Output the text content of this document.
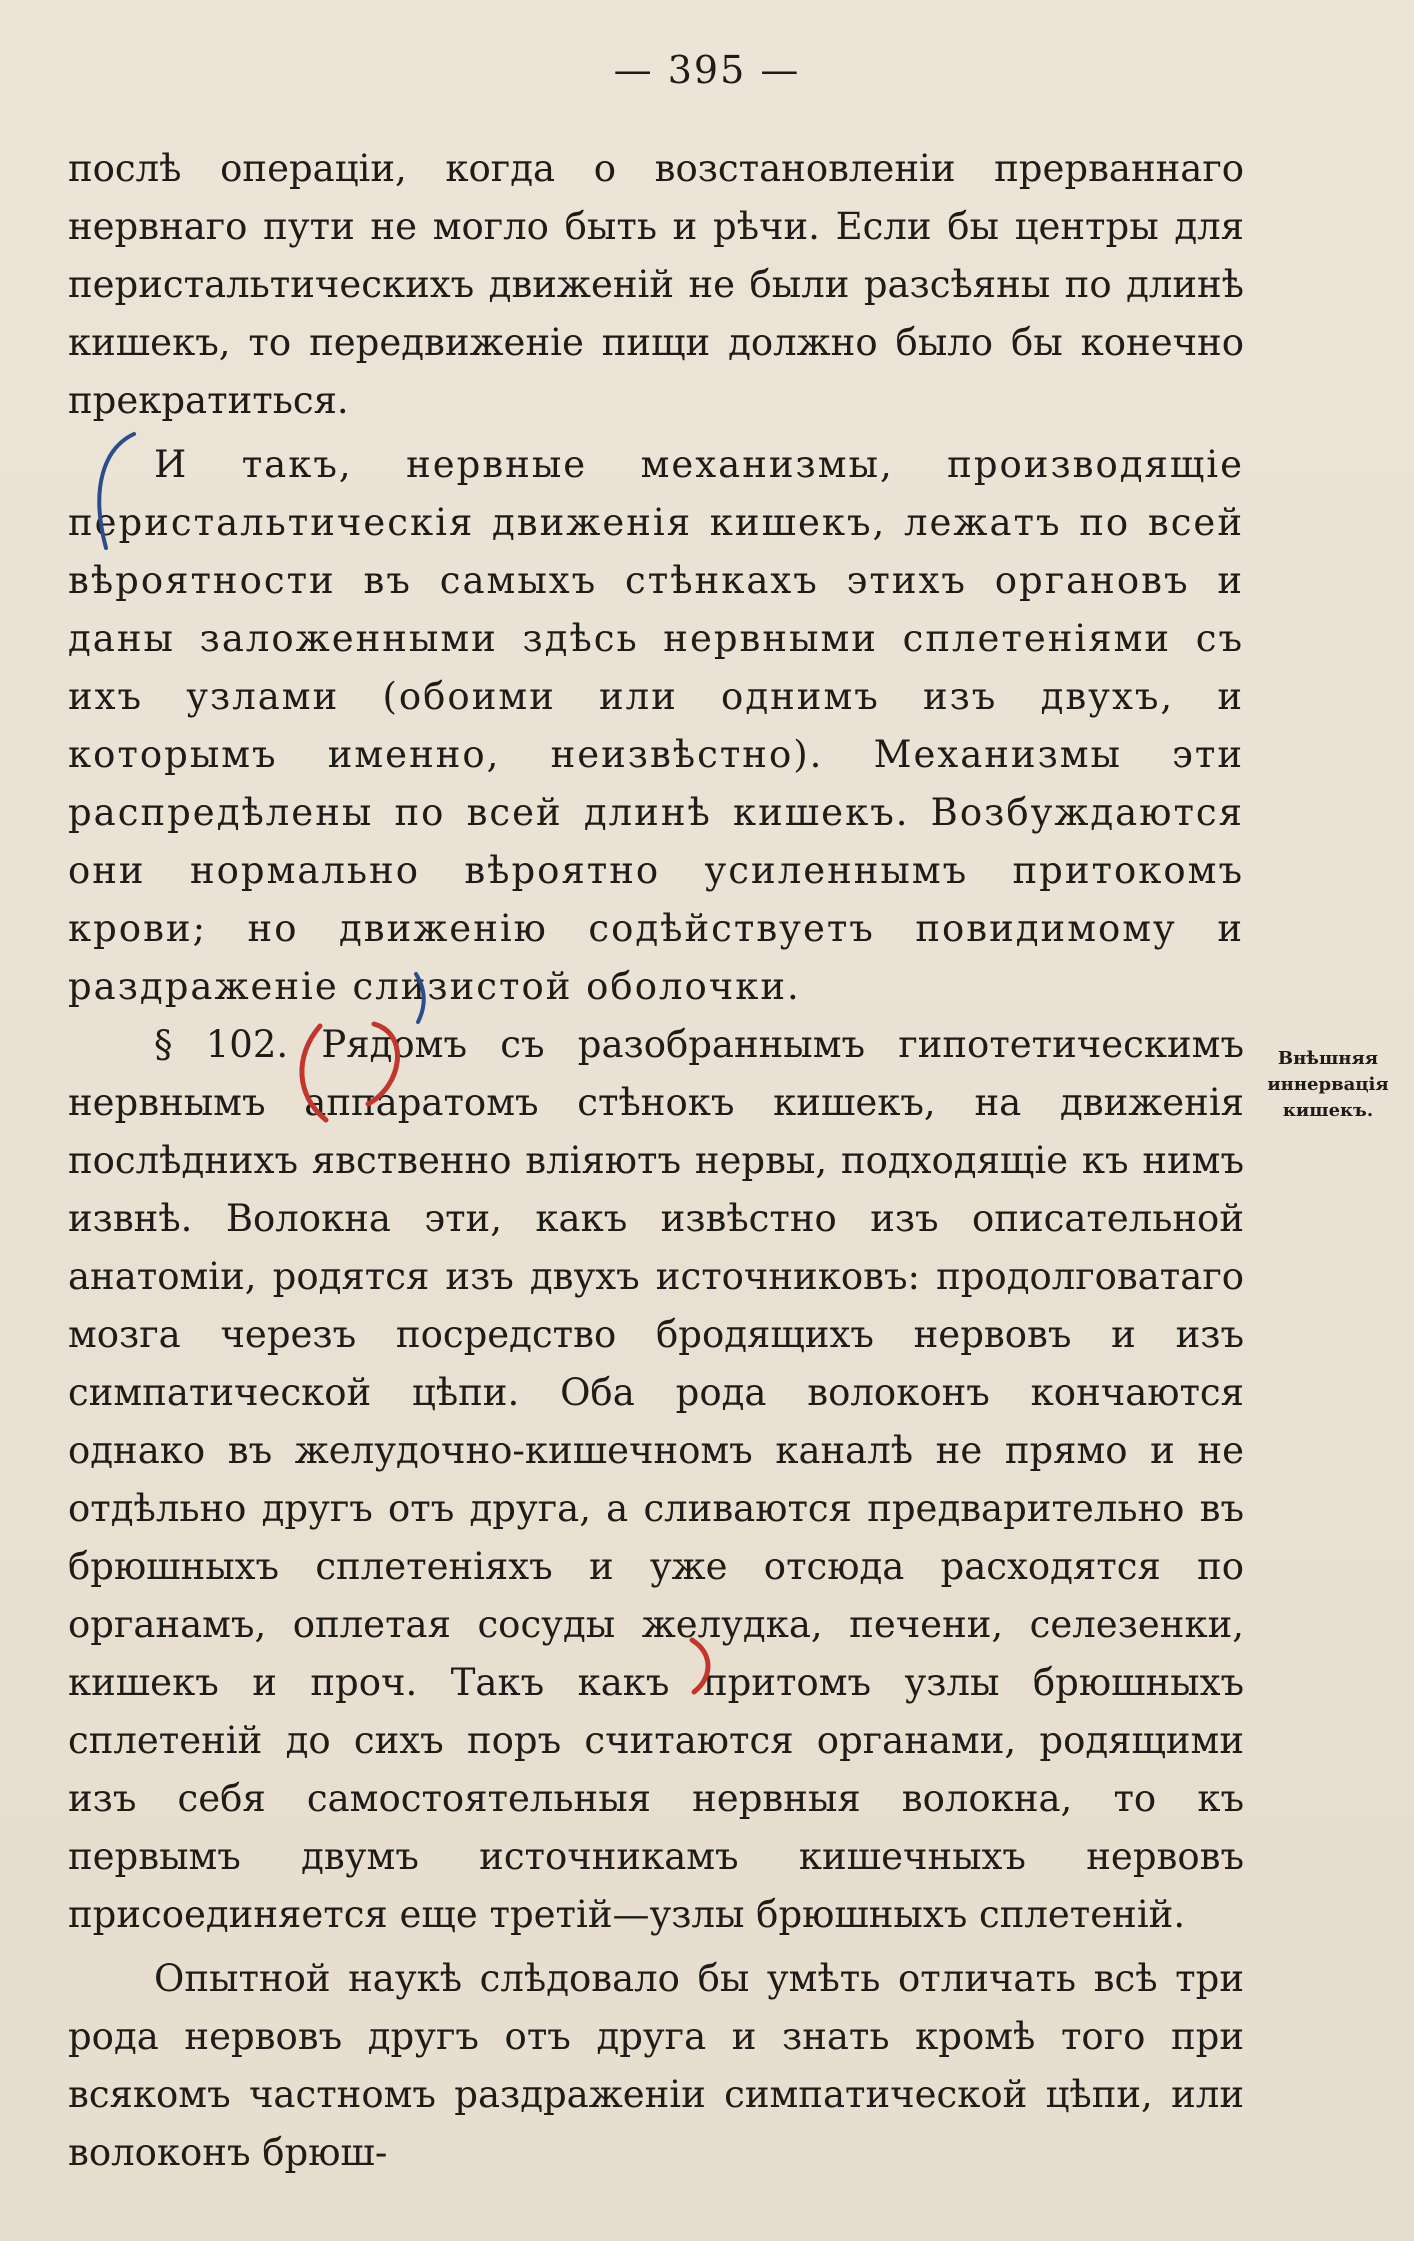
— 395 —

послѣ операціи, когда о возстановленіи прерваннаго нервнаго пути не могло быть и рѣчи. Если бы центры для перистальтическихъ движеній не были разсѣяны по длинѣ кишекъ, то передвиженіе пищи должно было бы конечно прекратиться.

И такъ, нервные механизмы, производящіе перистальтическія движенія кишекъ, лежатъ по всей вѣроятности въ самыхъ стѣнкахъ этихъ органовъ и даны заложенными здѣсь нервными сплетеніями съ ихъ узлами (обоими или однимъ изъ двухъ, и которымъ именно, неизвѣстно). Механизмы эти распредѣлены по всей длинѣ кишекъ. Возбуждаются они нормально вѣроятно усиленнымъ притокомъ крови; но движенію содѣйствуетъ повидимому и раздраженіе слизистой оболочки.

§ 102. Рядомъ съ разобраннымъ гипотетическимъ нервнымъ аппаратомъ стѣнокъ кишекъ, на движенія послѣднихъ явственно вліяютъ нервы, подходящіе къ нимъ извнѣ. Волокна эти, какъ извѣстно изъ описательной анатоміи, родятся изъ двухъ источниковъ: продолговатаго мозга черезъ посредство бродящихъ нервовъ и изъ симпатической цѣпи. Оба рода волоконъ кончаются однако въ желудочно-кишечномъ каналѣ не прямо и не отдѣльно другъ отъ друга, а сливаются предварительно въ брюшныхъ сплетеніяхъ и уже отсюда расходятся по органамъ, оплетая сосуды желудка, печени, селезенки, кишекъ и проч. Такъ какъ притомъ узлы брюшныхъ сплетеній до сихъ поръ считаются органами, родящими изъ себя самостоятельныя нервныя волокна, то къ первымъ двумъ источникамъ кишечныхъ нервовъ присоединяется еще третій—узлы брюшныхъ сплетеній.

Опытной наукѣ слѣдовало бы умѣть отличать всѣ три рода нервовъ другъ отъ друга и знать кромѣ того при всякомъ частномъ раздраженіи симпатической цѣпи, или волоконъ брюш-

Внѣшняя иннервація кишекъ.
